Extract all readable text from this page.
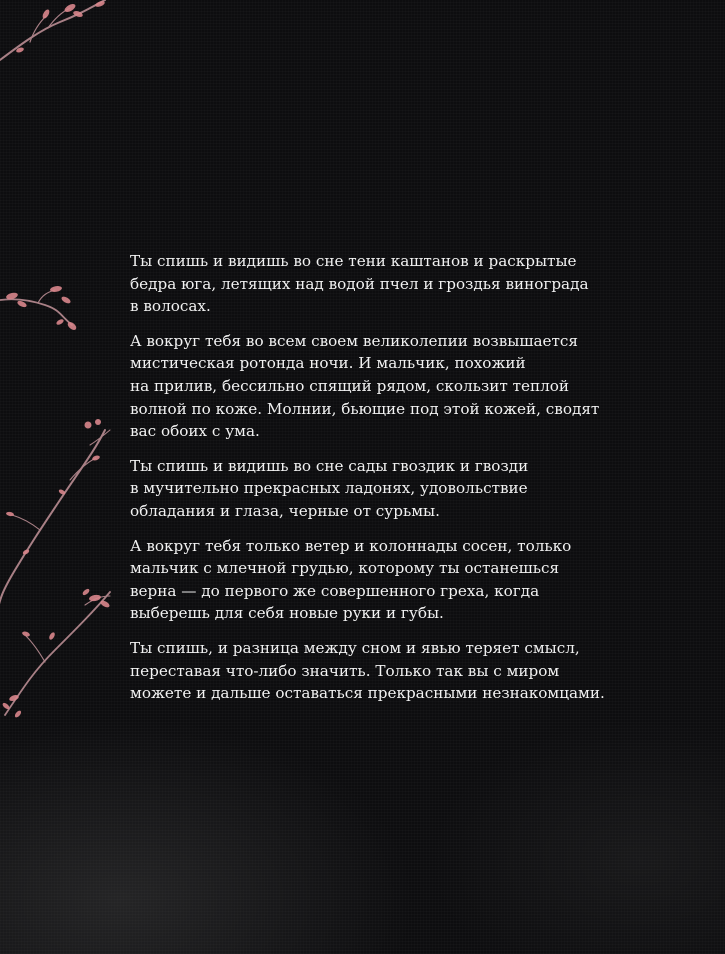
Ты спишь и видишь во сне тени каштанов и раскрытые
бедра юга, летящих над водой пчел и гроздья винограда
в волосах.

А вокруг тебя во всем своем великолепии возвышается
мистическая ротонда ночи. И мальчик, похожий
на прилив, бессильно спящий рядом, скользит теплой
волной по коже. Молнии, бьющие под этой кожей, сводят
вас обоих с ума.

Ты спишь и видишь во сне сады гвоздик и гвозди
в мучительно прекрасных ладонях, удовольствие
обладания и глаза, черные от сурьмы.

А вокруг тебя только ветер и колоннады сосен, только
мальчик с млечной грудью, которому ты останешься
верна — до первого же совершенного греха, когда
выберешь для себя новые руки и губы.

Ты спишь, и разница между сном и явью теряет смысл,
переставая что-либо значить. Только так вы с миром
можете и дальше оставаться прекрасными незнакомцами.
